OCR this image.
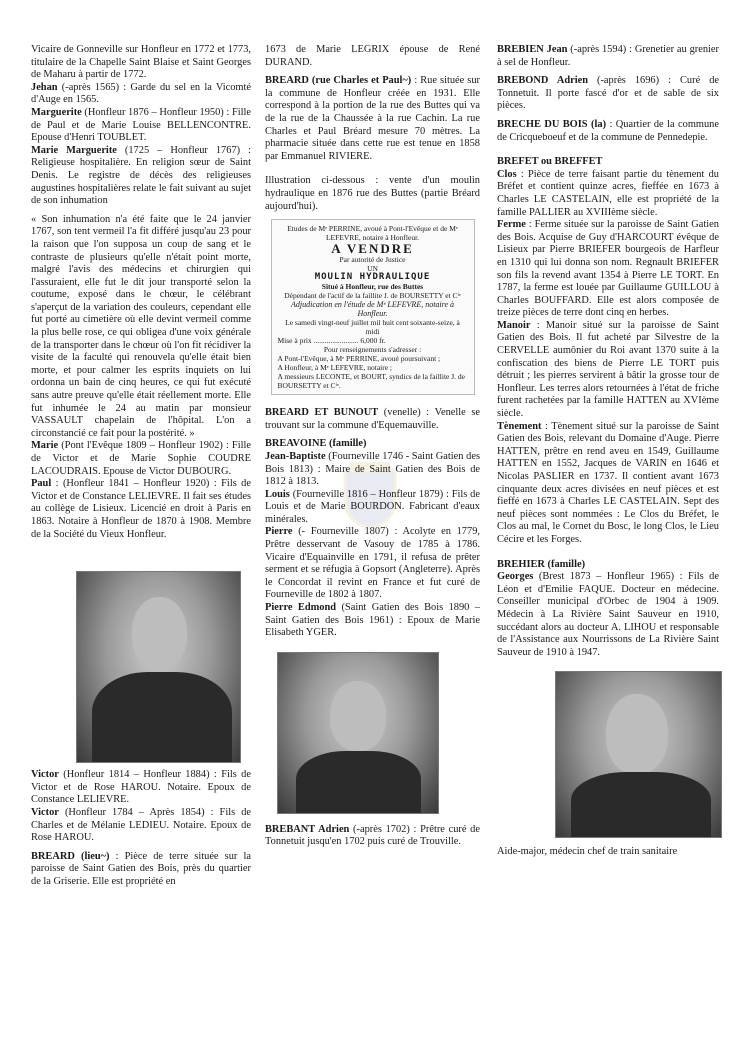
Vicaire de Gonneville sur Honfleur en 1772 et 1773, titulaire de la Chapelle Saint Blaise et Saint Georges de Maharu à partir de 1772.

Jehan (-après 1565) : Garde du sel en la Vicomté d'Auge en 1565.

Marguerite (Honfleur 1876 – Honfleur 1950) : Fille de Paul et de Marie Louise BELLENCONTRE. Epouse d'Henri TOUBLET.

Marie Marguerite (1725 – Honfleur 1767) : Religieuse hospitalière. En religion sœur de Saint Denis. Le registre de décès des religieuses augustines hospitalières relate le fait suivant au sujet de son inhumation

« Son inhumation n'a été faite que le 24 janvier 1767, son tent vermeil l'a fit différé jusqu'au 23 pour la raison que l'on supposa un coup de sang et le contraste de plusieurs qu'elle n'était point morte, malgré l'avis des médecins et chirurgien qui l'assuraient, elle fut le dit jour transporté selon la coutume, exposé dans le chœur, le célébrant s'aperçut de la variation des couleurs, cependant elle fut porté au cimetière où elle devint vermeil comme la plus belle rose, ce qui obligea d'une voix générale de la transporter dans le chœur où l'on fit récidiver la visite de la faculté qui renouvela qu'elle était bien morte, et pour calmer les esprits inquiets on lui ordonna un bain de cinq heures, ce qui fut exécuté sans autre preuve qu'elle était réellement morte. Elle fut inhumée le 24 au matin par monsieur VASSAULT chapelain de l'hôpital. L'on a circonstancié ce fait pour la postérité. »

Marie (Pont l'Evêque 1809 – Honfleur 1902) : Fille de Victor et de Marie Sophie COUDRE LACOUDRAIS. Epouse de Victor DUBOURG.

Paul : (Honfleur 1841 – Honfleur 1920) : Fils de Victor et de Constance LELIEVRE. Il fait ses études au collège de Lisieux. Licencié en droit à Paris en 1863. Notaire à Honfleur de 1870 à 1908. Membre de la Société du Vieux Honfleur.

Victor (Honfleur 1814 – Honfleur 1884) : Fils de Victor et de Rose HAROU. Notaire. Epoux de Constance LELIEVRE.

Victor (Honfleur 1784 – Après 1854) : Fils de Charles et de Mélanie LEDIEU. Notaire. Epoux de Rose HAROU.

BREARD (lieu~) : Pièce de terre située sur la paroisse de Saint Gatien des Bois, près du quartier de la Griserie. Elle est propriété en

1673 de Marie LEGRIX épouse de René DURAND.

BREARD (rue Charles et Paul~) : Rue située sur la commune de Honfleur créée en 1931. Elle correspond à la portion de la rue des Buttes qui va de la rue de la Chaussée à la rue Cachin. La rue Charles et Paul Bréard mesure 70 mètres. La pharmacie située dans cette rue est tenue en 1858 par Emmanuel RIVIERE.

Illustration ci-dessous : vente d'un moulin hydraulique en 1876 rue des Buttes (partie Bréard aujourd'hui).

Etudes de Mᵉ PERRINE, avoué à Pont-l'Evêque et de Mᵉ LEFEVRE, notaire à Honfleur.
A VENDRE
Par autorité de Justice
UN
MOULIN HYDRAULIQUE
Situé à Honfleur, rue des Buttes
Dépendant de l'actif de la faillite J. de BOURSETTY et Cⁱᵉ
Adjudication en l'étude de Mᵉ LEFEVRE, notaire à Honfleur.
Le samedi vingt-neuf juillet mil huit cent soixante-seize, à midi
Mise à prix ........................ 6,000 fr.
Pour renseignements s'adresser :
A Pont-l'Evêque, à Mᵉ PERRINE, avoué poursuivant ;
A Honfleur, à Mᵉ LEFEVRE, notaire ;
A messieurs LECONTE, et BOURT, syndics de la faillite J. de BOURSETTY et Cⁱᵉ.

BREARD ET BUNOUT (venelle) : Venelle se trouvant sur la commune d'Equemauville.

BREAVOINE (famille)

Jean-Baptiste (Fourneville 1746 - Saint Gatien des Bois 1813) : Maire de Saint Gatien des Bois de 1812 à 1813.

Louis (Fourneville 1816 – Honfleur 1879) : Fils de Louis et de Marie BOURDON. Fabricant d'eaux minérales.

Pierre (- Fourneville 1807) : Acolyte en 1779, Prêtre desservant de Vasouy de 1785 à 1786. Vicaire d'Equainville en 1791, il refusa de prêter serment et se réfugia à Gopsort (Angleterre). Après le Concordat il revint en France et fut curé de Fourneville de 1802 à 1807.

Pierre Edmond (Saint Gatien des Bois 1890 – Saint Gatien des Bois 1961) : Epoux de Marie Elisabeth YGER.

BREBANT Adrien (-après 1702) : Prêtre curé de Tonnetuit jusqu'en 1702 puis curé de Trouville.

BREBIEN Jean (-après 1594) : Grenetier au grenier à sel de Honfleur.

BREBOND Adrien (-après 1696) : Curé de Tonnetuit. Il porte fascé d'or et de sable de six pièces.

BRECHE DU BOIS (la) : Quartier de la commune de Cricqueboeuf et de la commune de Pennedepie.

BREFET ou BREFFET

Clos : Pièce de terre faisant partie du tènement du Bréfet et contient quinze acres, fieffée en 1673 à Charles LE CASTELAIN, elle est propriété de la famille PALLIER au XVIIIème siècle.

Ferme : Ferme située sur la paroisse de Saint Gatien des Bois. Acquise de Guy d'HARCOURT évêque de Lisieux par Pierre BRIEFER bourgeois de Harfleur en 1310 qui lui donna son nom. Regnault BRIEFER son fils la revend avant 1354 à Pierre LE TORT. En 1787, la ferme est louée par Guillaume GUILLOU à Charles BOUFFARD. Elle est alors composée de treize pièces de terre dont cinq en herbes.

Manoir : Manoir situé sur la paroisse de Saint Gatien des Bois. Il fut acheté par Silvestre de la CERVELLE aumônier du Roi avant 1370 suite à la confiscation des biens de Pierre LE TORT puis détruit ; les pierres servirent à bâtir la grosse tour de Honfleur. Les terres alors retournées à l'état de friche furent rachetées par la famille HATTEN au XVIème siècle.

Tènement : Tènement situé sur la paroisse de Saint Gatien des Bois, relevant du Domaine d'Auge. Pierre HATTEN, prêtre en rend aveu en 1549, Guillaume HATTEN en 1552, Jacques de VARIN en 1646 et Nicolas PASLIER en 1737. Il contient avant 1673 cinquante deux acres divisées en neuf pièces et est fieffé en 1673 à Charles LE CASTELAIN. Sept des neuf pièces sont nommées : Le Clos du Bréfet, le Clos au mal, le Cornet du Bosc, le long Clos, le Lieu Cécire et les Forges.

BREHIER (famille)

Georges (Brest 1873 – Honfleur 1965) : Fils de Léon et d'Emilie FAQUE. Docteur en médecine. Conseiller municipal d'Orbec de 1904 à 1909. Médecin à La Rivière Saint Sauveur en 1910, succédant alors au docteur A. LIHOU et responsable de l'Assistance aux Nourrissons de La Rivière Saint Sauveur de 1910 à 1947.

Aide-major, médecin chef de train sanitaire
